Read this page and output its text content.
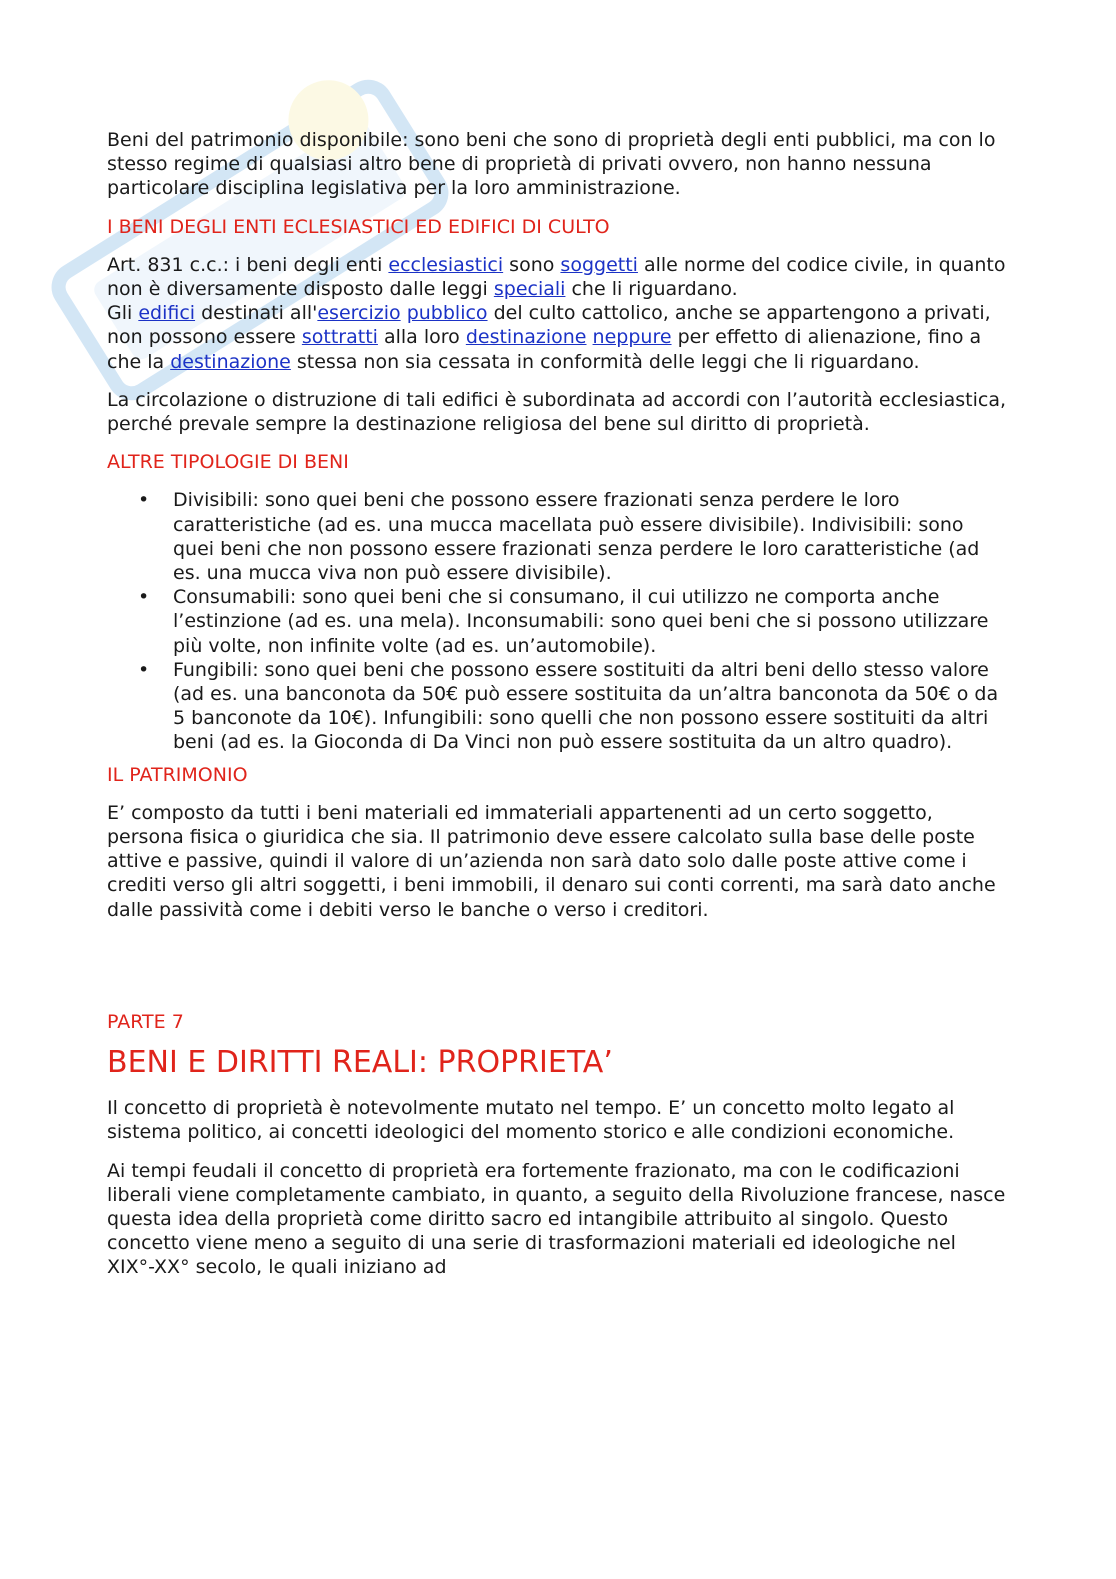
Beni del patrimonio disponibile: sono beni che sono di proprietà degli enti pubblici, ma con lo stesso regime di qualsiasi altro bene di proprietà di privati ovvero, non hanno nessuna particolare disciplina legislativa per la loro amministrazione.

I BENI DEGLI ENTI ECLESIASTICI ED EDIFICI DI CULTO

Art. 831 c.c.: i beni degli enti ecclesiastici sono soggetti alle norme del codice civile, in quanto non è diversamente disposto dalle leggi speciali che li riguardano.
Gli edifici destinati all'esercizio pubblico del culto cattolico, anche se appartengono a privati, non possono essere sottratti alla loro destinazione neppure per effetto di alienazione, fino a che la destinazione stessa non sia cessata in conformità delle leggi che li riguardano.

La circolazione o distruzione di tali edifici è subordinata ad accordi con l’autorità ecclesiastica, perché prevale sempre la destinazione religiosa del bene sul diritto di proprietà.

ALTRE TIPOLOGIE DI BENI
• Divisibili: sono quei beni che possono essere frazionati senza perdere le loro caratteristiche (ad es. una mucca macellata può essere divisibile). Indivisibili: sono quei beni che non possono essere frazionati senza perdere le loro caratteristiche (ad es. una mucca viva non può essere divisibile).
• Consumabili: sono quei beni che si consumano, il cui utilizzo ne comporta anche l’estinzione (ad es. una mela). Inconsumabili: sono quei beni che si possono utilizzare più volte, non infinite volte (ad es. un’automobile).
• Fungibili: sono quei beni che possono essere sostituiti da altri beni dello stesso valore (ad es. una banconota da 50€ può essere sostituita da un’altra banconota da 50€ o da 5 banconote da 10€). Infungibili: sono quelli che non possono essere sostituiti da altri beni (ad es. la Gioconda di Da Vinci non può essere sostituita da un altro quadro).
IL PATRIMONIO

E’ composto da tutti i beni materiali ed immateriali appartenenti ad un certo soggetto, persona fisica o giuridica che sia. Il patrimonio deve essere calcolato sulla base delle poste attive e passive, quindi il valore di un’azienda non sarà dato solo dalle poste attive come i crediti verso gli altri soggetti, i beni immobili, il denaro sui conti correnti, ma sarà dato anche dalle passività come i debiti verso le banche o verso i creditori.

PARTE 7
BENI E DIRITTI REALI: PROPRIETA’

Il concetto di proprietà è notevolmente mutato nel tempo. E’ un concetto molto legato al sistema politico, ai concetti ideologici del momento storico e alle condizioni economiche.

Ai tempi feudali il concetto di proprietà era fortemente frazionato, ma con le codificazioni liberali viene completamente cambiato, in quanto, a seguito della Rivoluzione francese, nasce questa idea della proprietà come diritto sacro ed intangibile attribuito al singolo. Questo concetto viene meno a seguito di una serie di trasformazioni materiali ed ideologiche nel XIX°-XX° secolo, le quali iniziano ad
